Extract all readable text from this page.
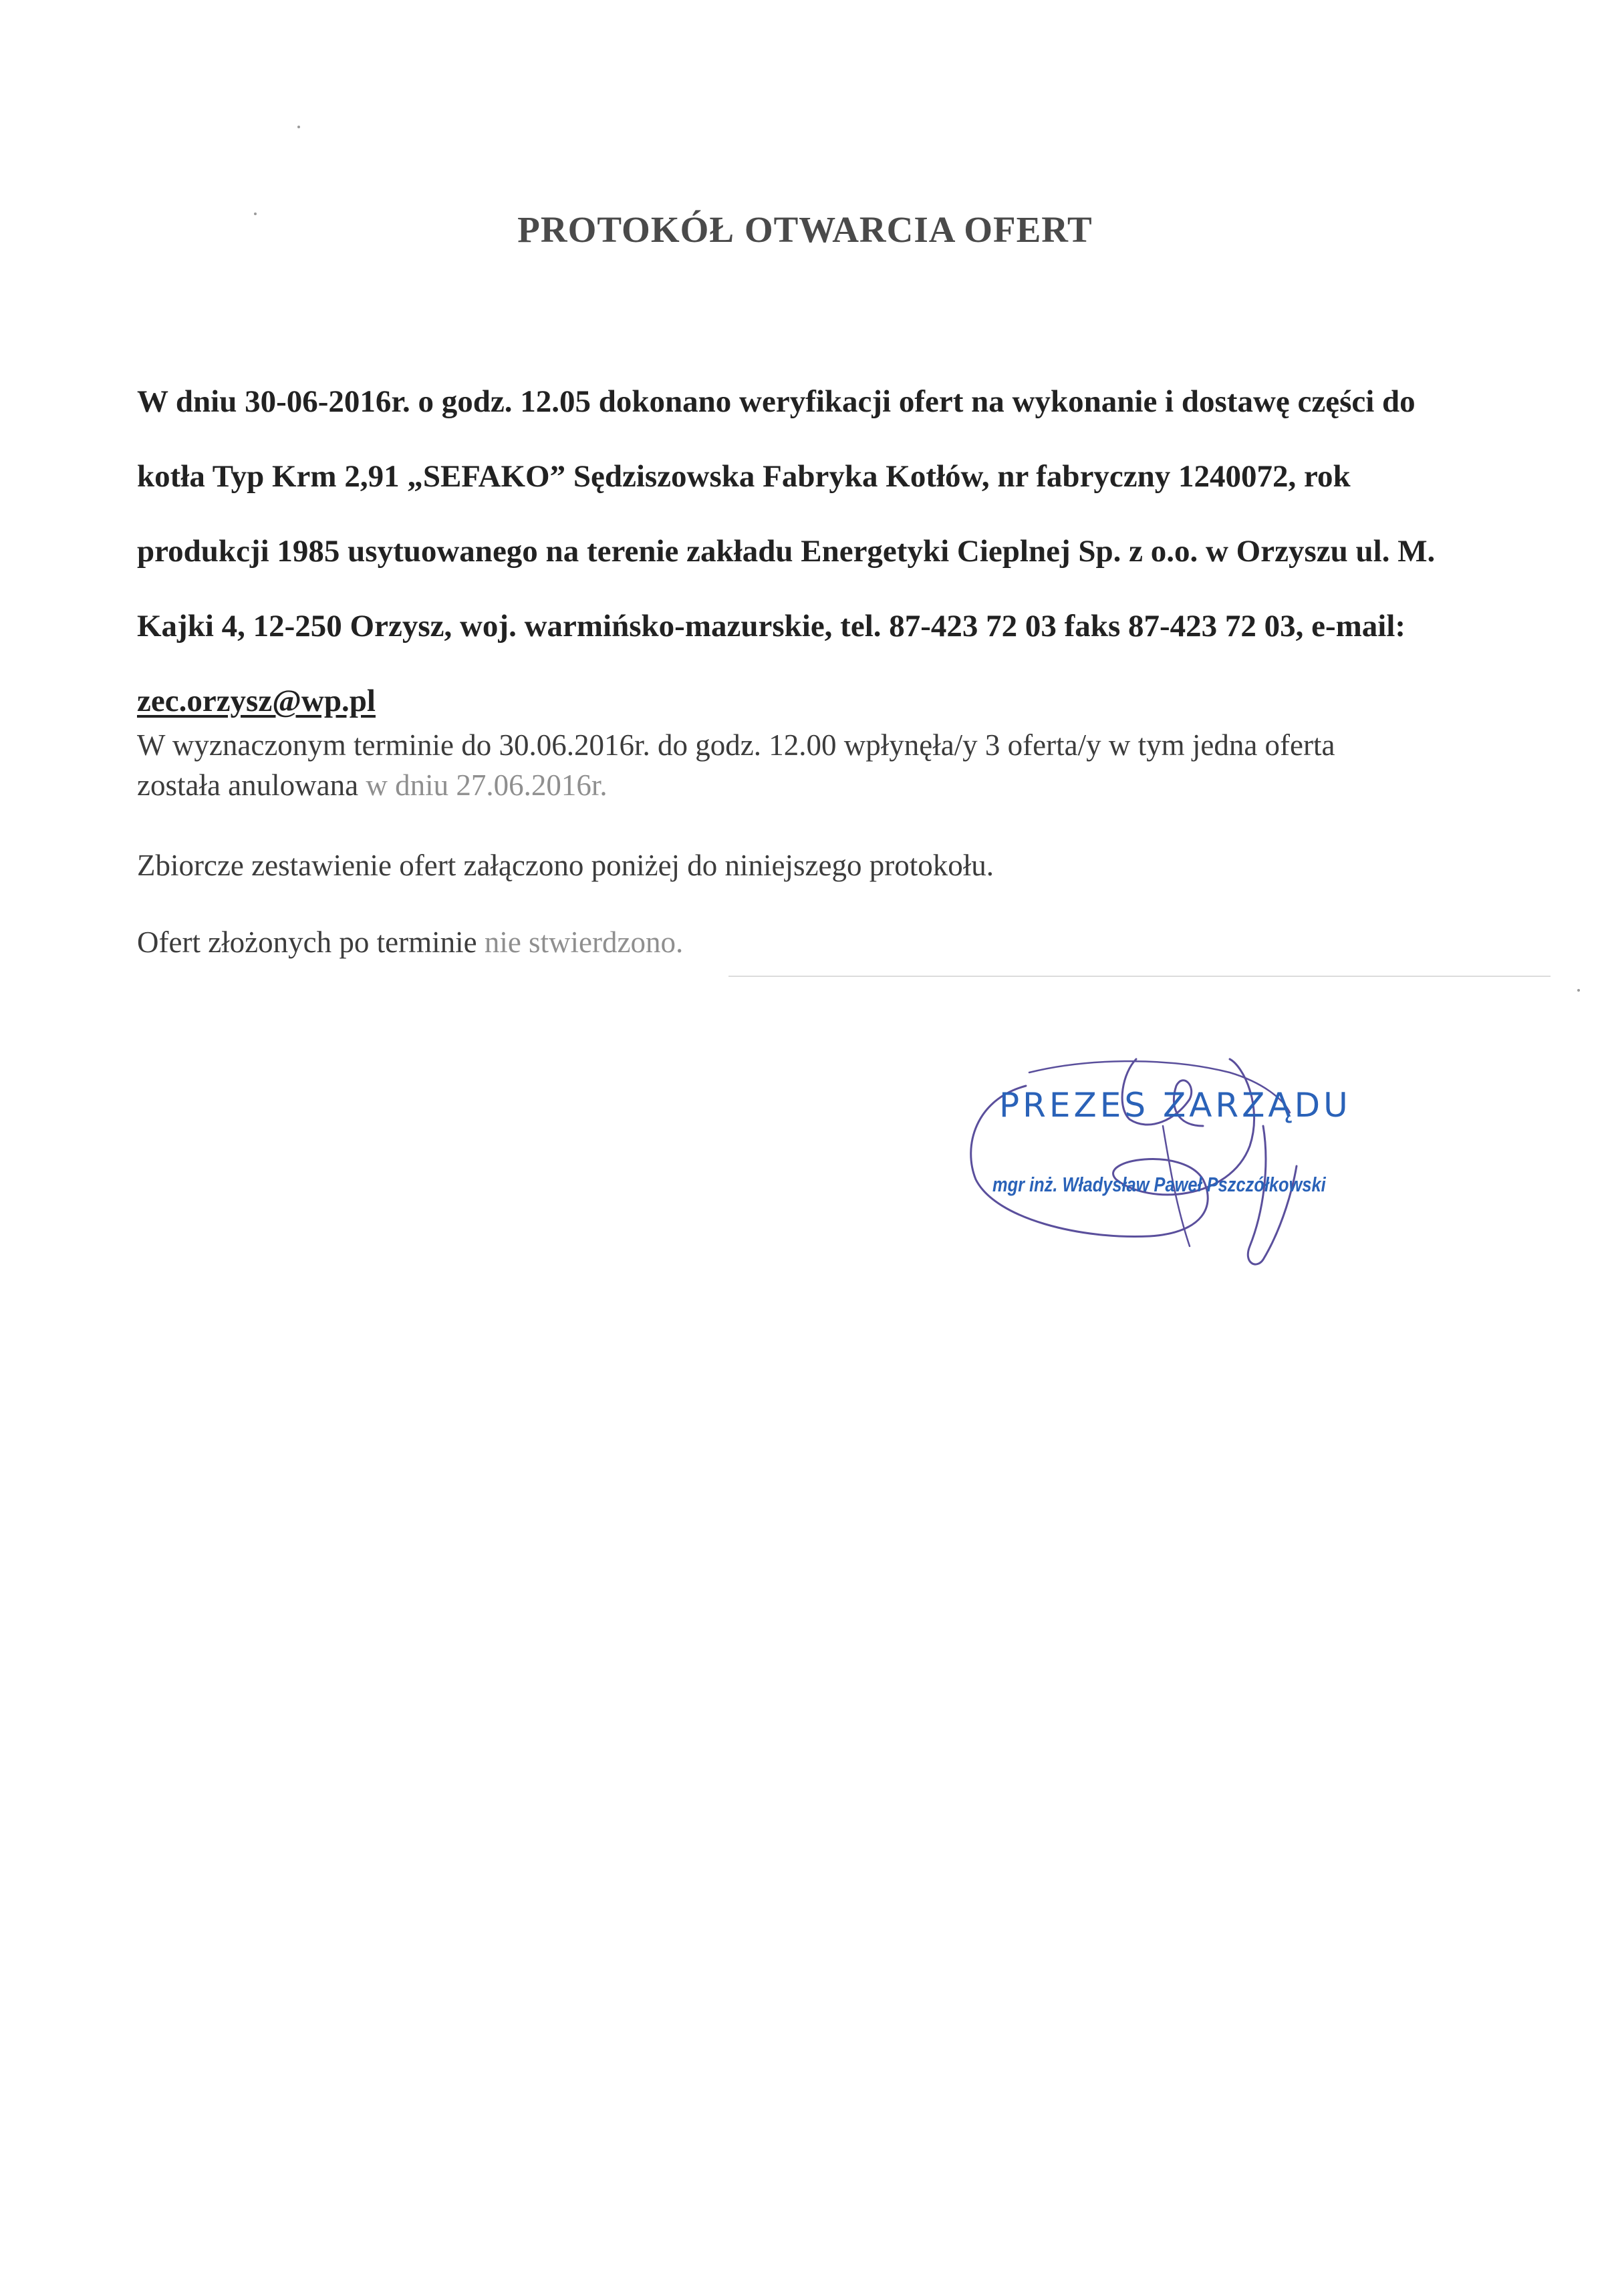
PROTOKÓŁ OTWARCIA OFERT
W dniu 30-06-2016r. o godz. 12.05 dokonano weryfikacji ofert na wykonanie i dostawę części do
kotła Typ Krm 2,91 „SEFAKO” Sędziszowska Fabryka Kotłów, nr fabryczny 1240072, rok
produkcji 1985 usytuowanego na terenie zakładu Energetyki Cieplnej Sp. z o.o. w Orzyszu ul. M.
Kajki 4, 12-250 Orzysz, woj. warmińsko-mazurskie, tel. 87-423 72 03 faks 87-423 72 03, e-mail:
zec.orzysz@wp.pl
W wyznaczonym terminie do 30.06.2016r. do godz. 12.00 wpłynęła/y 3 oferta/y w tym jedna oferta
została anulowana w dniu 27.06.2016r.
Zbiorcze zestawienie ofert załączono poniżej do niniejszego protokołu.
Ofert złożonych po terminie nie stwierdzono.
PREZES ZARZĄDU
mgr inż. Władysław Paweł Pszczółkowski
